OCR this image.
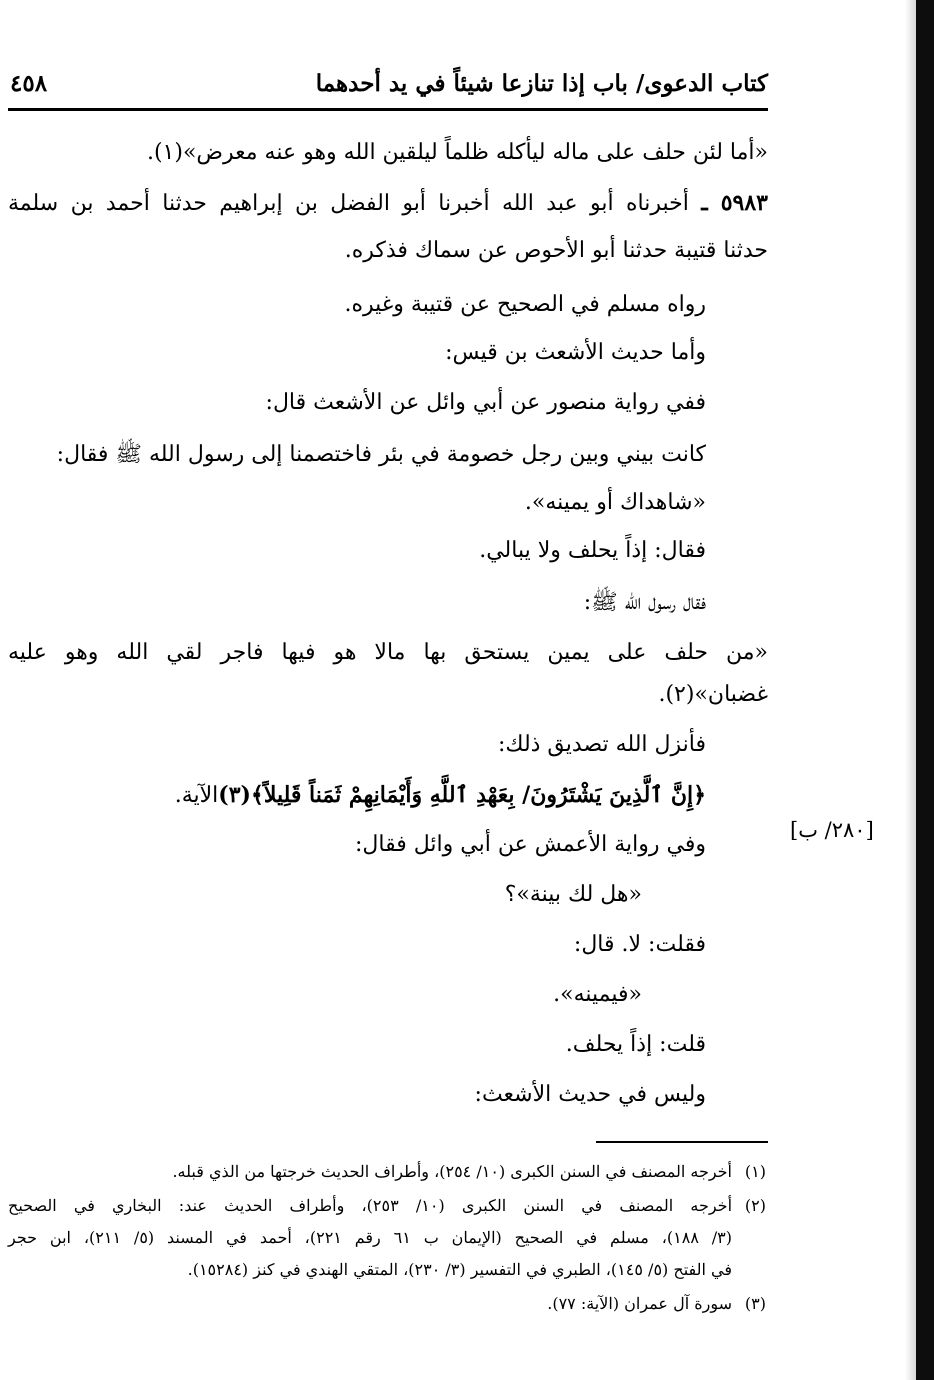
كتاب الدعوى/ باب إذا تنازعا شيئاً في يد أحدهما
٤٥٨
«أما لئن حلف على ماله ليأكله ظلماً ليلقين الله وهو عنه معرض»(١).
٥٩٨٣ ـ أخبرناه أبو عبد الله أخبرنا أبو الفضل بن إبراهيم حدثنا أحمد بن سلمة
حدثنا قتيبة حدثنا أبو الأحوص عن سماك فذكره.
رواه مسلم في الصحيح عن قتيبة وغيره.
وأما حديث الأشعث بن قيس:
ففي رواية منصور عن أبي وائل عن الأشعث قال:
كانت بيني وبين رجل خصومة في بئر فاختصمنا إلى رسول الله ﷺ فقال:
«شاهداك أو يمينه».
فقال: إذاً يحلف ولا يبالي.
فقال رسول الله ﷺ:
«من حلف على يمين يستحق بها مالا هو فيها فاجر لقي الله وهو عليه
غضبان»(٢).
فأنزل الله تصديق ذلك:
﴿إِنَّ ٱلَّذِينَ يَشْتَرُونَ/ بِعَهْدِ ٱللَّهِ وَأَيْمَانِهِمْ ثَمَناً قَلِيلاً﴾(٣)الآية.
وفي رواية الأعمش عن أبي وائل فقال:
«هل لك بينة»؟
فقلت: لا. قال:
«فيمينه».
قلت: إذاً يحلف.
وليس في حديث الأشعث:
[٢٨٠/ ب]
(١)أخرجه المصنف في السنن الكبرى (١٠/ ٢٥٤)، وأطراف الحديث خرجتها من الذي قبله.
(٢)أخرجه المصنف في السنن الكبرى (١٠/ ٢٥٣)، وأطراف الحديث عند: البخاري في الصحيح
(٣/ ١٨٨)، مسلم في الصحيح (الإيمان ب ٦١ رقم ٢٢١)، أحمد في المسند (٥/ ٢١١)، ابن حجر
في الفتح (٥/ ١٤٥)، الطبري في التفسير (٣/ ٢٣٠)، المتقي الهندي في كنز (١٥٢٨٤).
(٣)سورة آل عمران (الآية: ٧٧).
